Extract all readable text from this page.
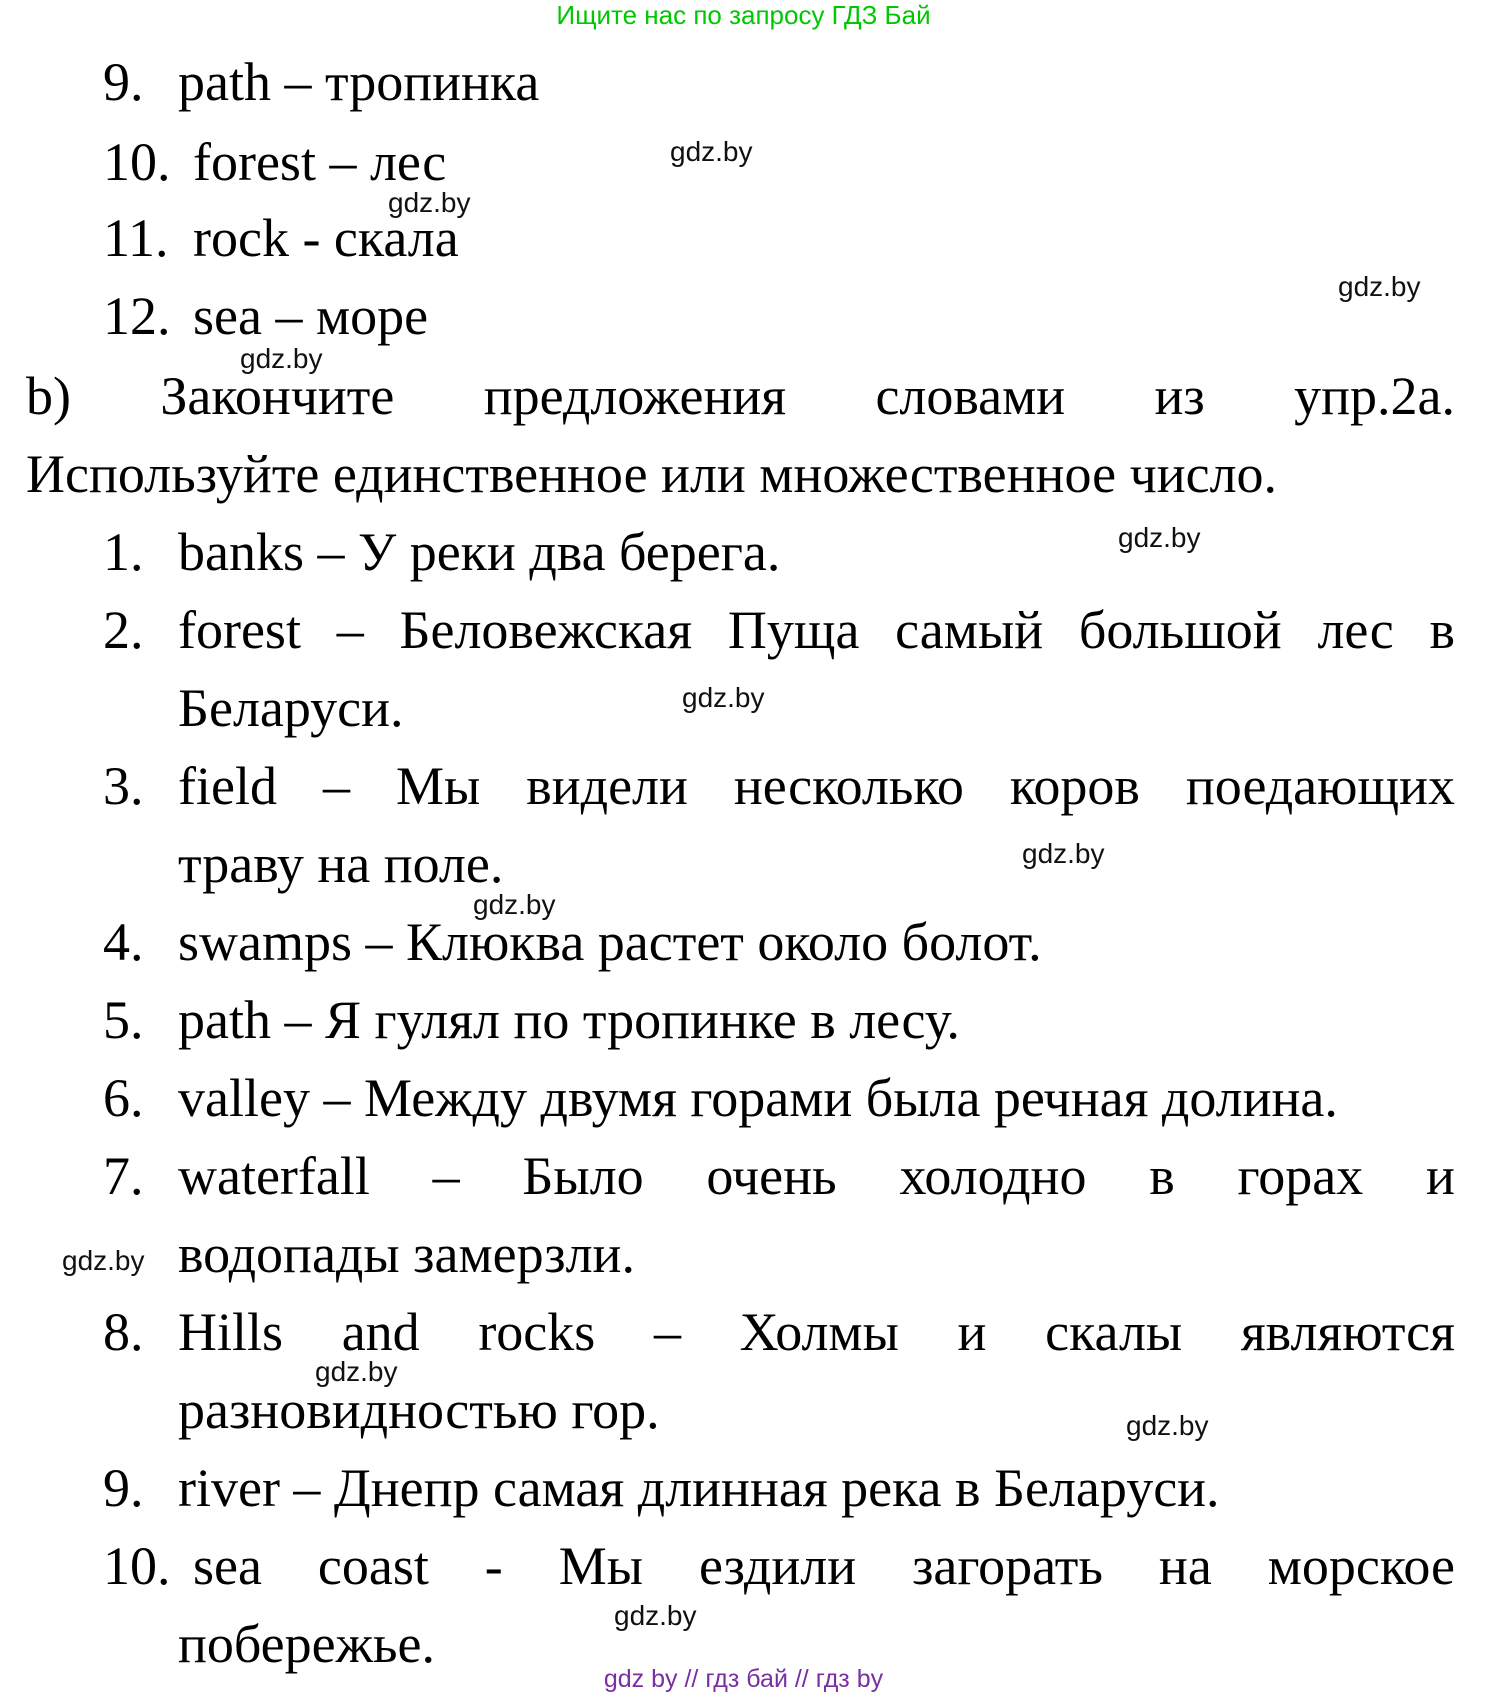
Ищите нас по запросу ГДЗ Бай
9. path – тропинка
10. forest – лес
11. rock - скала
12. sea – море
b) Закончите предложения словами из упр.2а.
Используйте единственное или множественное число.
1. banks – У реки два берега.
2. forest – Беловежская Пуща самый большой лес в
Беларуси.
3. field – Мы видели несколько коров поедающих
траву на поле.
4. swamps – Клюква растет около болот.
5. path – Я гулял по тропинке в лесу.
6. valley – Между двумя горами была речная долина.
7. waterfall – Было очень холодно в горах и
водопады замерзли.
8. Hills and rocks – Холмы и скалы являются
разновидностью гор.
9. river – Днепр самая длинная река в Беларуси.
10. sea coast - Мы ездили загорать на морское
побережье.
gdz.by
gdz.by
gdz.by
gdz.by
gdz.by
gdz.by
gdz.by
gdz.by
gdz.by
gdz.by
gdz.by
gdz.by
gdz by // гдз бай // гдз by
